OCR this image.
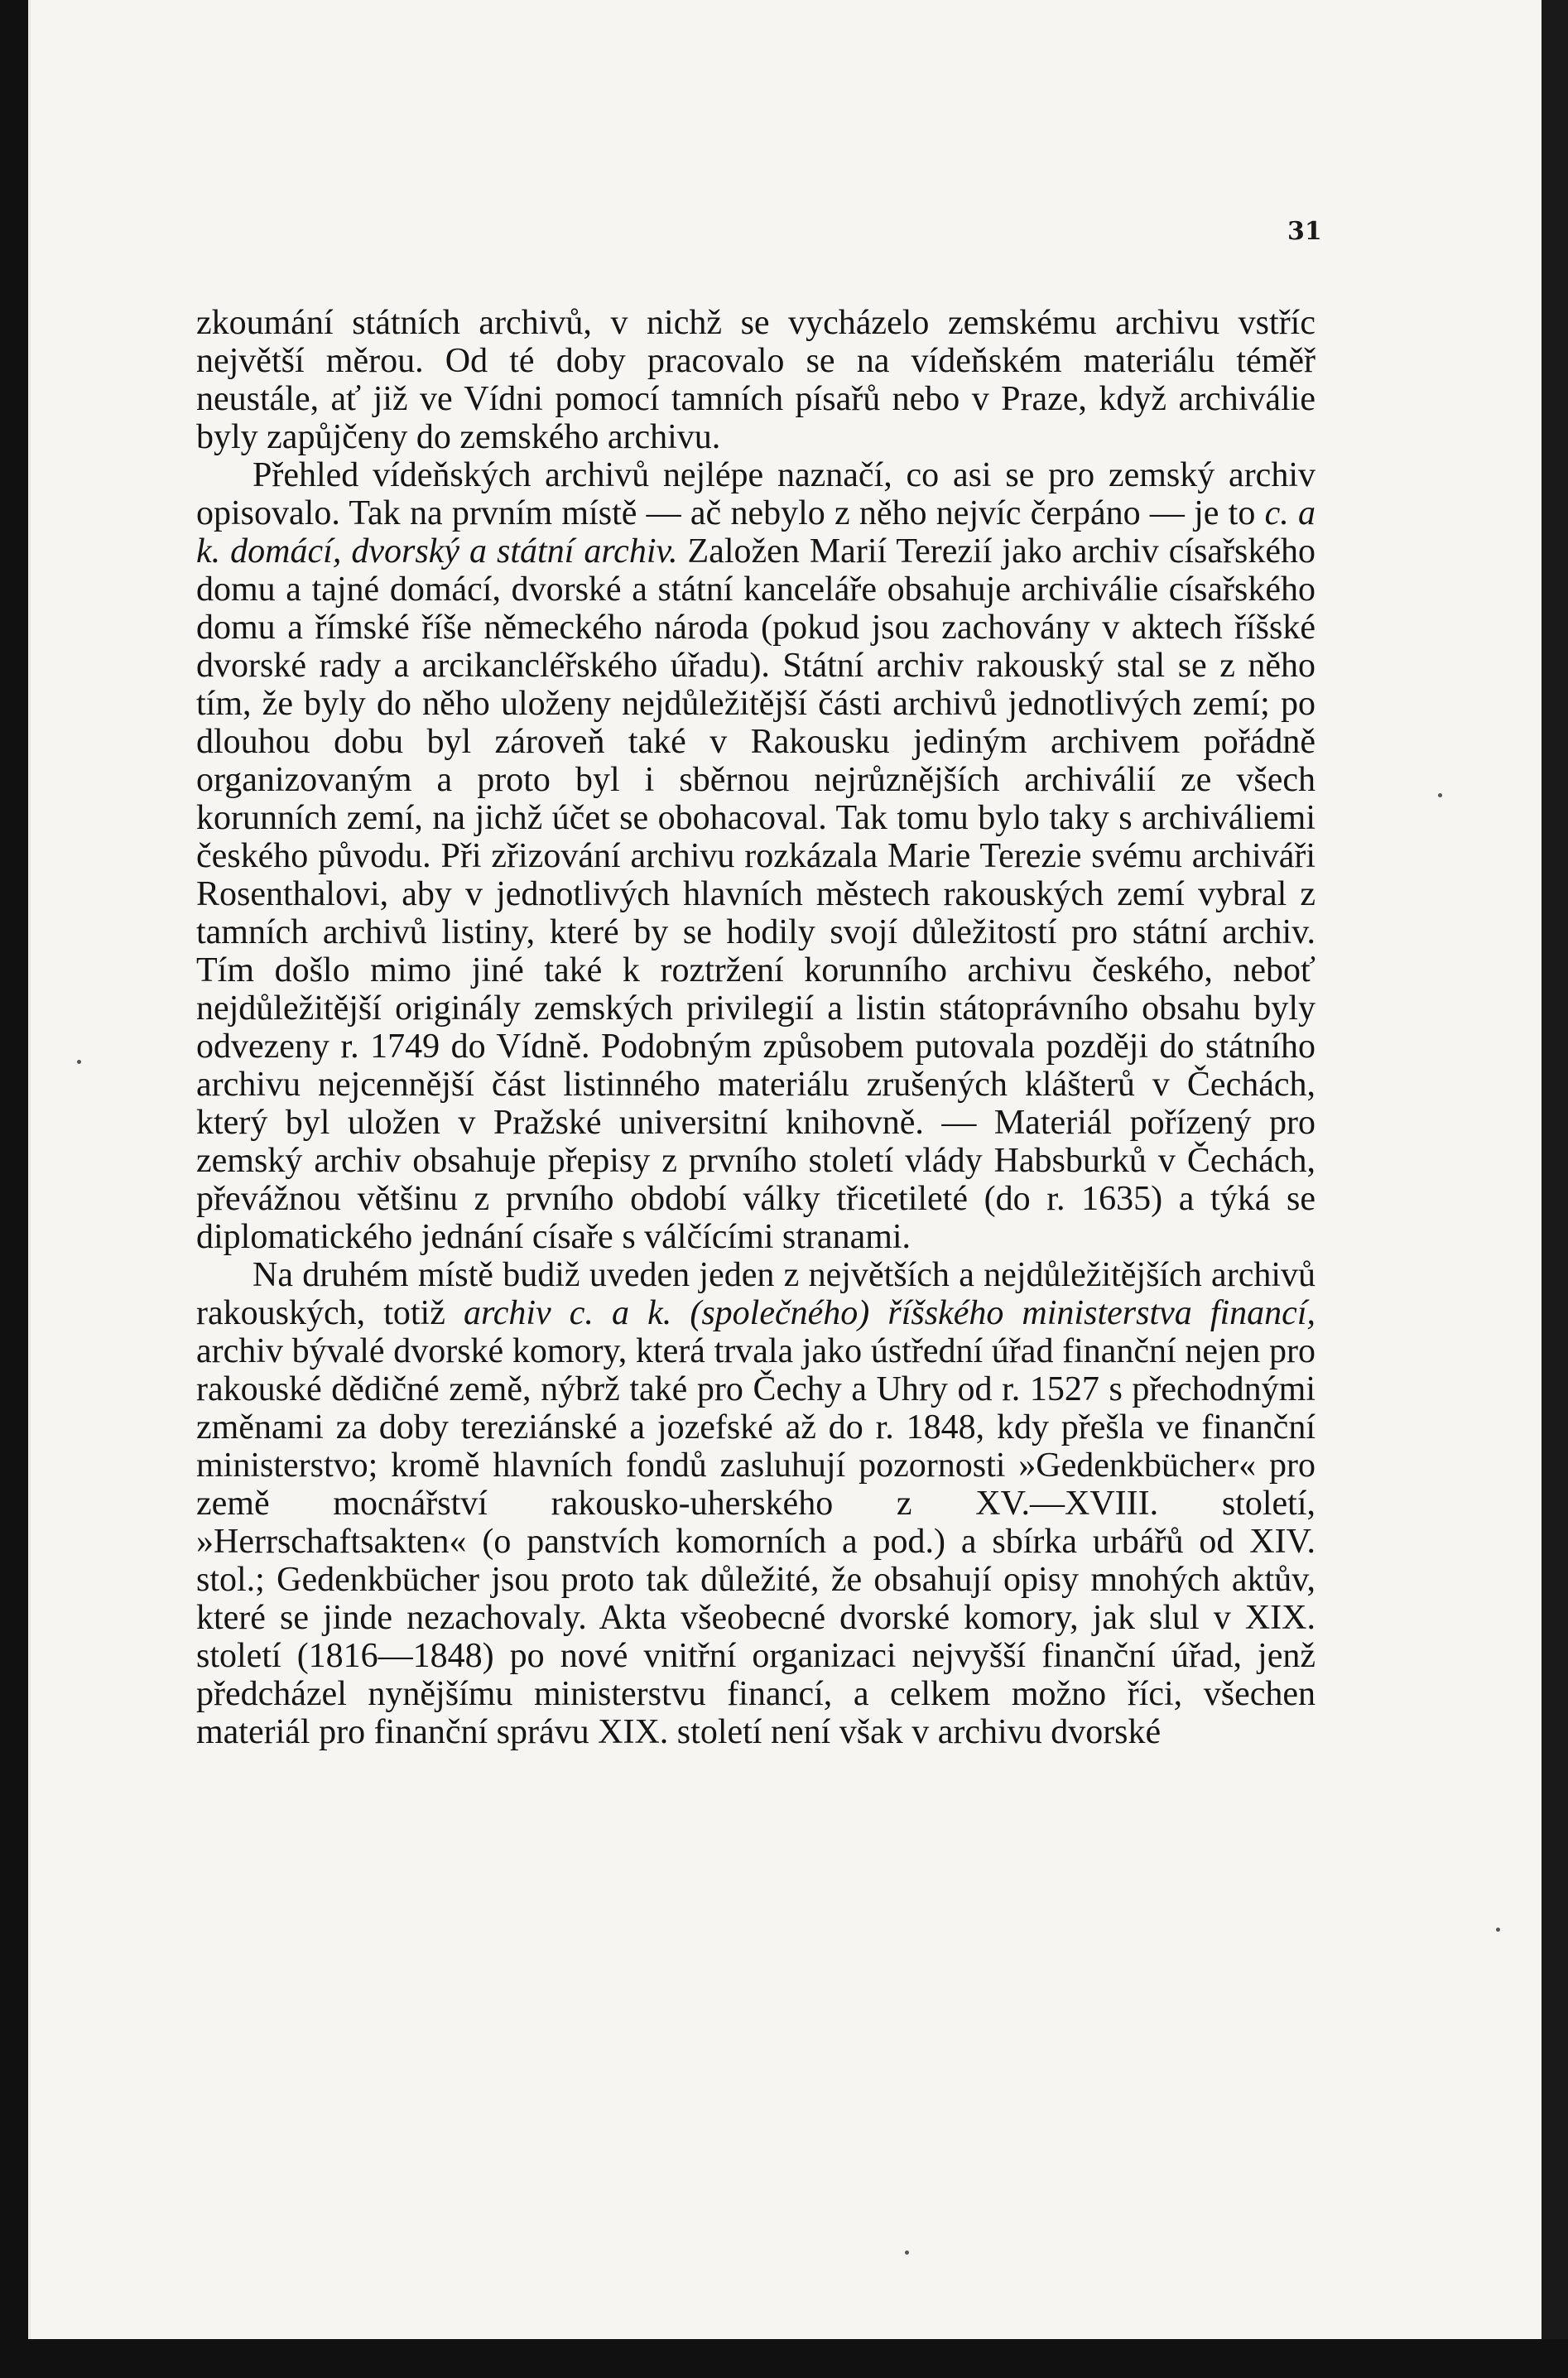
31

zkoumání státních archivů, v nichž se vycházelo zemskému archivu vstříc největší měrou. Od té doby pracovalo se na vídeňském materiálu téměř neustále, ať již ve Vídni pomocí tamních písařů nebo v Praze, když archiválie byly zapůjčeny do zemského archivu.

Přehled vídeňských archivů nejlépe naznačí, co asi se pro zemský archiv opisovalo. Tak na prvním místě — ač nebylo z něho nejvíc čerpáno — je to c. a k. domácí, dvorský a státní archiv. Založen Marií Terezií jako archiv císařského domu a tajné domácí, dvorské a státní kanceláře obsahuje archiválie císařského domu a římské říše německého národa (pokud jsou zachovány v aktech říšské dvorské rady a arcikancléřského úřadu). Státní archiv rakouský stal se z něho tím, že byly do něho uloženy nejdůležitější části archivů jednotlivých zemí; po dlouhou dobu byl zároveň také v Rakousku jediným archivem pořádně organizovaným a proto byl i sběrnou nejrůznějších archiválií ze všech korunních zemí, na jichž účet se obohacoval. Tak tomu bylo taky s archiváliemi českého původu. Při zřizování archivu rozkázala Marie Terezie svému archiváři Rosenthalovi, aby v jednotlivých hlavních městech rakouských zemí vybral z tamních archivů listiny, které by se hodily svojí důležitostí pro státní archiv. Tím došlo mimo jiné také k roztržení korunního archivu českého, neboť nejdůležitější originály zemských privilegií a listin státoprávního obsahu byly odvezeny r. 1749 do Vídně. Podobným způsobem putovala později do státního archivu nejcennější část listinného materiálu zrušených klášterů v Čechách, který byl uložen v Pražské universitní knihovně. — Materiál pořízený pro zemský archiv obsahuje přepisy z prvního století vlády Habsburků v Čechách, převážnou většinu z prvního období války třicetileté (do r. 1635) a týká se diplomatického jednání císaře s válčícími stranami.

Na druhém místě budiž uveden jeden z největších a nejdůležitějších archivů rakouských, totiž archiv c. a k. (společného) říšského ministerstva financí, archiv bývalé dvorské komory, která trvala jako ústřední úřad finanční nejen pro rakouské dědičné země, nýbrž také pro Čechy a Uhry od r. 1527 s přechodnými změnami za doby tereziánské a jozefské až do r. 1848, kdy přešla ve finanční ministerstvo; kromě hlavních fondů zasluhují pozornosti »Gedenkbücher« pro země mocnářství rakousko-uherského z XV.—XVIII. století, »Herrschaftsakten« (o panstvích komorních a pod.) a sbírka urbářů od XIV. stol.; Gedenkbücher jsou proto tak důležité, že obsahují opisy mnohých aktův, které se jinde nezachovaly. Akta všeobecné dvorské komory, jak slul v XIX. století (1816—1848) po nové vnitřní organizaci nejvyšší finanční úřad, jenž předcházel nynějšímu ministerstvu financí, a celkem možno říci, všechen materiál pro finanční správu XIX. století není však v archivu dvorské
